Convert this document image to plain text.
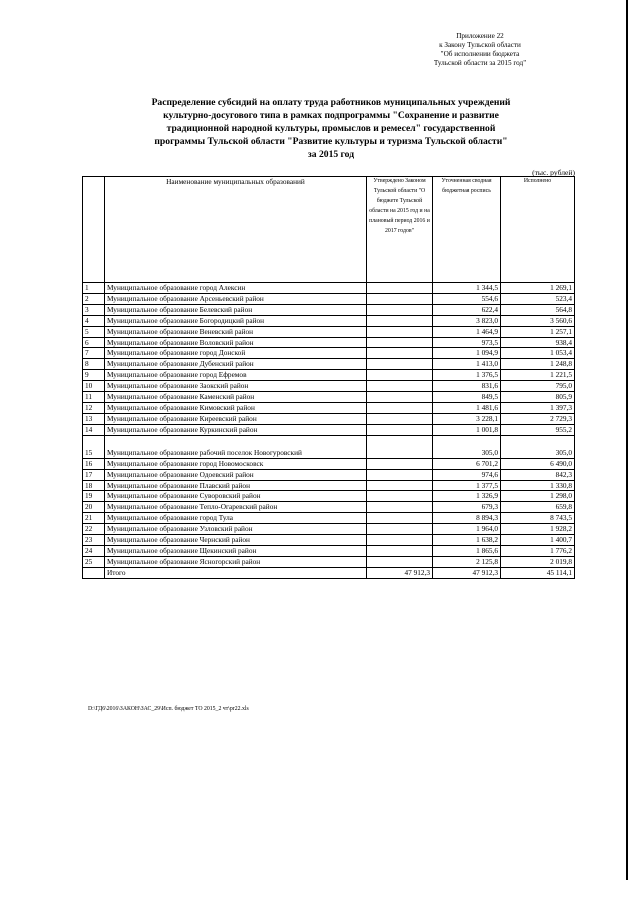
Приложение 22
к Закону Тульской области
"Об исполнении бюджета
Тульской области за 2015 год"
Распределение субсидий на оплату труда работников муниципальных учреждений
культурно-досугового типа в рамках подпрограммы "Сохранение и развитие
традиционной народной культуры, промыслов и ремесел" государственной
программы Тульской области "Развитие культуры и туризма Тульской области"
за 2015 год
(тыс. рублей)
	Наименование муниципальных образований	Утверждено Законом Тульской области "О бюджете Тульской области на 2015 год и на плановый период 2016 и 2017 годов"	Уточненная сводная бюджетная роспись	Исполнено
1	Муниципальное образование город Алексин		1 344,5	1 269,1
2	Муниципальное образование Арсеньевский район		554,6	523,4
3	Муниципальное образование Белевский район		622,4	564,8
4	Муниципальное образование Богородицкий район		3 823,0	3 560,6
5	Муниципальное образование Веневский район		1 464,9	1 257,1
6	Муниципальное образование Воловский район		973,5	938,4
7	Муниципальное образование город Донской		1 094,9	1 053,4
8	Муниципальное образование Дубенский район		1 413,0	1 248,8
9	Муниципальное образование город Ефремов		1 376,5	1 221,5
10	Муниципальное образование Заокский район		831,6	795,0
11	Муниципальное образование Каменский район		849,5	805,9
12	Муниципальное образование Кимовский район		1 481,6	1 397,3
13	Муниципальное образование Киреевский район		3 228,1	2 729,3
14	Муниципальное образование Куркинский район		1 001,8	955,2
15	Муниципальное образование рабочий поселок Новогуровский		305,0	305,0
16	Муниципальное образование город Новомосковск		6 701,2	6 490,0
17	Муниципальное образование Одоевский район		974,6	842,3
18	Муниципальное образование Плавский район		1 377,5	1 330,8
19	Муниципальное образование Суворовский район		1 326,9	1 298,0
20	Муниципальное образование Тепло-Огаревский район		679,3	659,8
21	Муниципальное образование город Тула		8 894,3	8 743,5
22	Муниципальное образование Узловский район		1 964,0	1 928,2
23	Муниципальное образование Чернский район		1 638,2	1 400,7
24	Муниципальное образование Щекинский район		1 865,6	1 776,2
25	Муниципальное образование Ясногорский район		2 125,8	2 019,8
	Итого	47 912,3	47 912,3	45 114,1
D:\ГД6\2016\ЗАКОН\ЗАС_29\Исп. бюджет ТО 2015_2 чт\pr22.xls
